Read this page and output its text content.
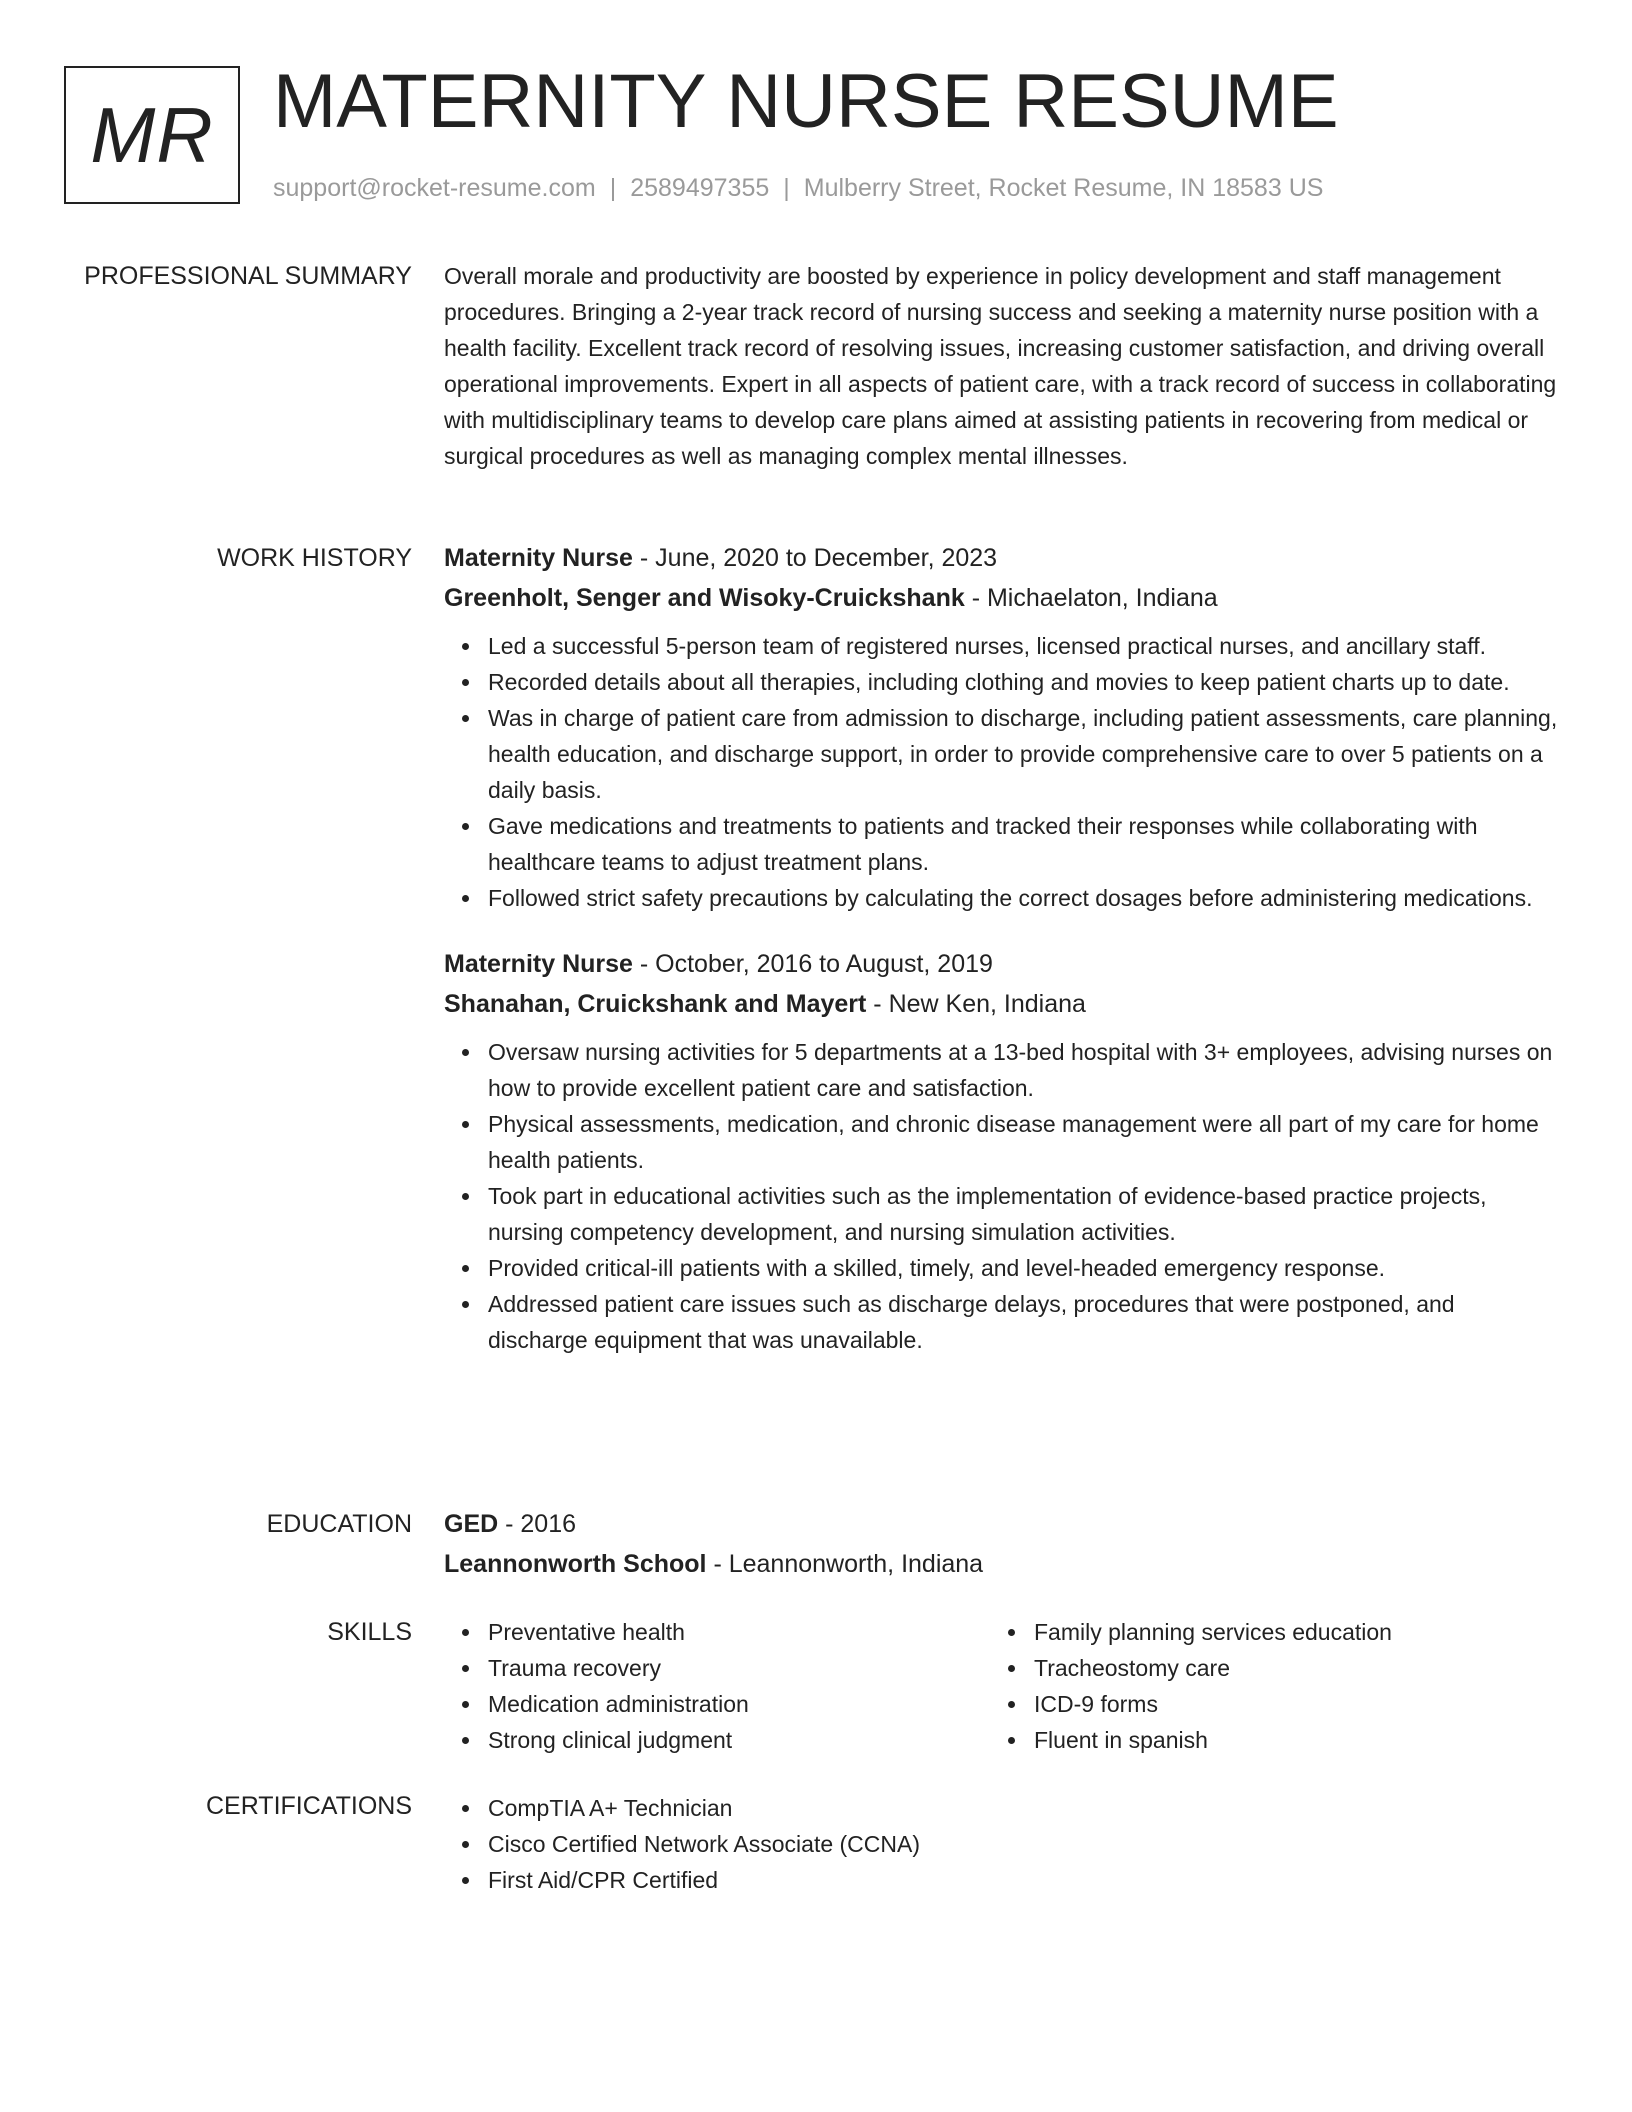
MR MATERNITY NURSE RESUME
support@rocket-resume.com | 2589497355 | Mulberry Street, Rocket Resume, IN 18583 US
PROFESSIONAL SUMMARY Overall morale and productivity are boosted by experience in policy development and staff management procedures. Bringing a 2-year track record of nursing success and seeking a maternity nurse position with a health facility. Excellent track record of resolving issues, increasing customer satisfaction, and driving overall operational improvements. Expert in all aspects of patient care, with a track record of success in collaborating with multidisciplinary teams to develop care plans aimed at assisting patients in recovering from medical or surgical procedures as well as managing complex mental illnesses.

WORK HISTORY Maternity Nurse - June, 2020 to December, 2023
Greenholt, Senger and Wisoky-Cruickshank - Michaelaton, Indiana
Led a successful 5-person team of registered nurses, licensed practical nurses, and ancillary staff.
Recorded details about all therapies, including clothing and movies to keep patient charts up to date.
Was in charge of patient care from admission to discharge, including patient assessments, care planning, health education, and discharge support, in order to provide comprehensive care to over 5 patients on a daily basis.
Gave medications and treatments to patients and tracked their responses while collaborating with healthcare teams to adjust treatment plans.
Followed strict safety precautions by calculating the correct dosages before administering medications.
Maternity Nurse - October, 2016 to August, 2019
Shanahan, Cruickshank and Mayert - New Ken, Indiana
Oversaw nursing activities for 5 departments at a 13-bed hospital with 3+ employees, advising nurses on how to provide excellent patient care and satisfaction.
Physical assessments, medication, and chronic disease management were all part of my care for home health patients.
Took part in educational activities such as the implementation of evidence-based practice projects, nursing competency development, and nursing simulation activities.
Provided critical-ill patients with a skilled, timely, and level-headed emergency response.
Addressed patient care issues such as discharge delays, procedures that were postponed, and discharge equipment that was unavailable.
EDUCATION GED - 2016
Leannonworth School - Leannonworth, Indiana
SKILLS	Preventative health
Trauma recovery
Medication administration
Strong clinical judgment
Family planning services education
Tracheostomy care
ICD-9 forms
Fluent in spanish
CERTIFICATIONS	CompTIA A+ Technician
Cisco Certified Network Associate (CCNA)
First Aid/CPR Certified
